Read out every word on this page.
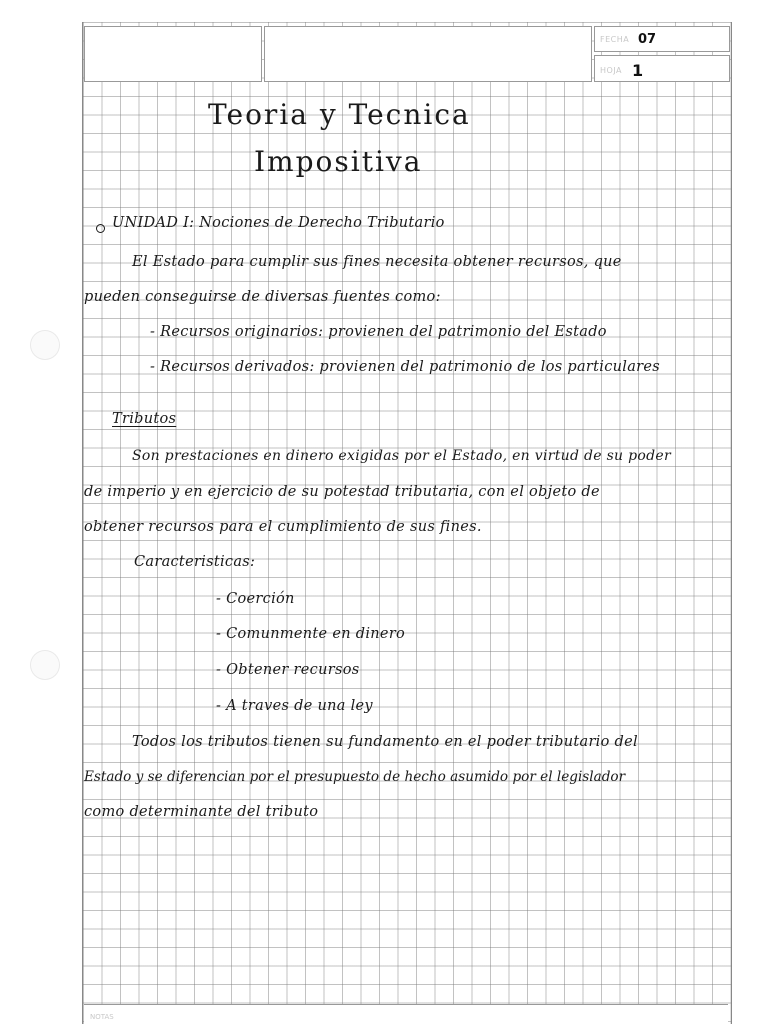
FECHA 07
HOJA 1
Teoria y Tecnica
Impositiva
UNIDAD I: Nociones de Derecho Tributario
El Estado para cumplir sus fines necesita obtener recursos, que
pueden conseguirse de diversas fuentes como:
- Recursos originarios: provienen del patrimonio del Estado
- Recursos derivados: provienen del patrimonio de los particulares
Tributos
Son prestaciones en dinero exigidas por el Estado, en virtud de su poder
de imperio y en ejercicio de su potestad tributaria, con el objeto de
obtener recursos para el cumplimiento de sus fines.
Caracteristicas:
- Coerción
- Comunmente en dinero
- Obtener recursos
- A traves de una ley
Todos los tributos tienen su fundamento en el poder tributario del
Estado y se diferencian por el presupuesto de hecho asumido por el legislador
como determinante del tributo
NOTAS
